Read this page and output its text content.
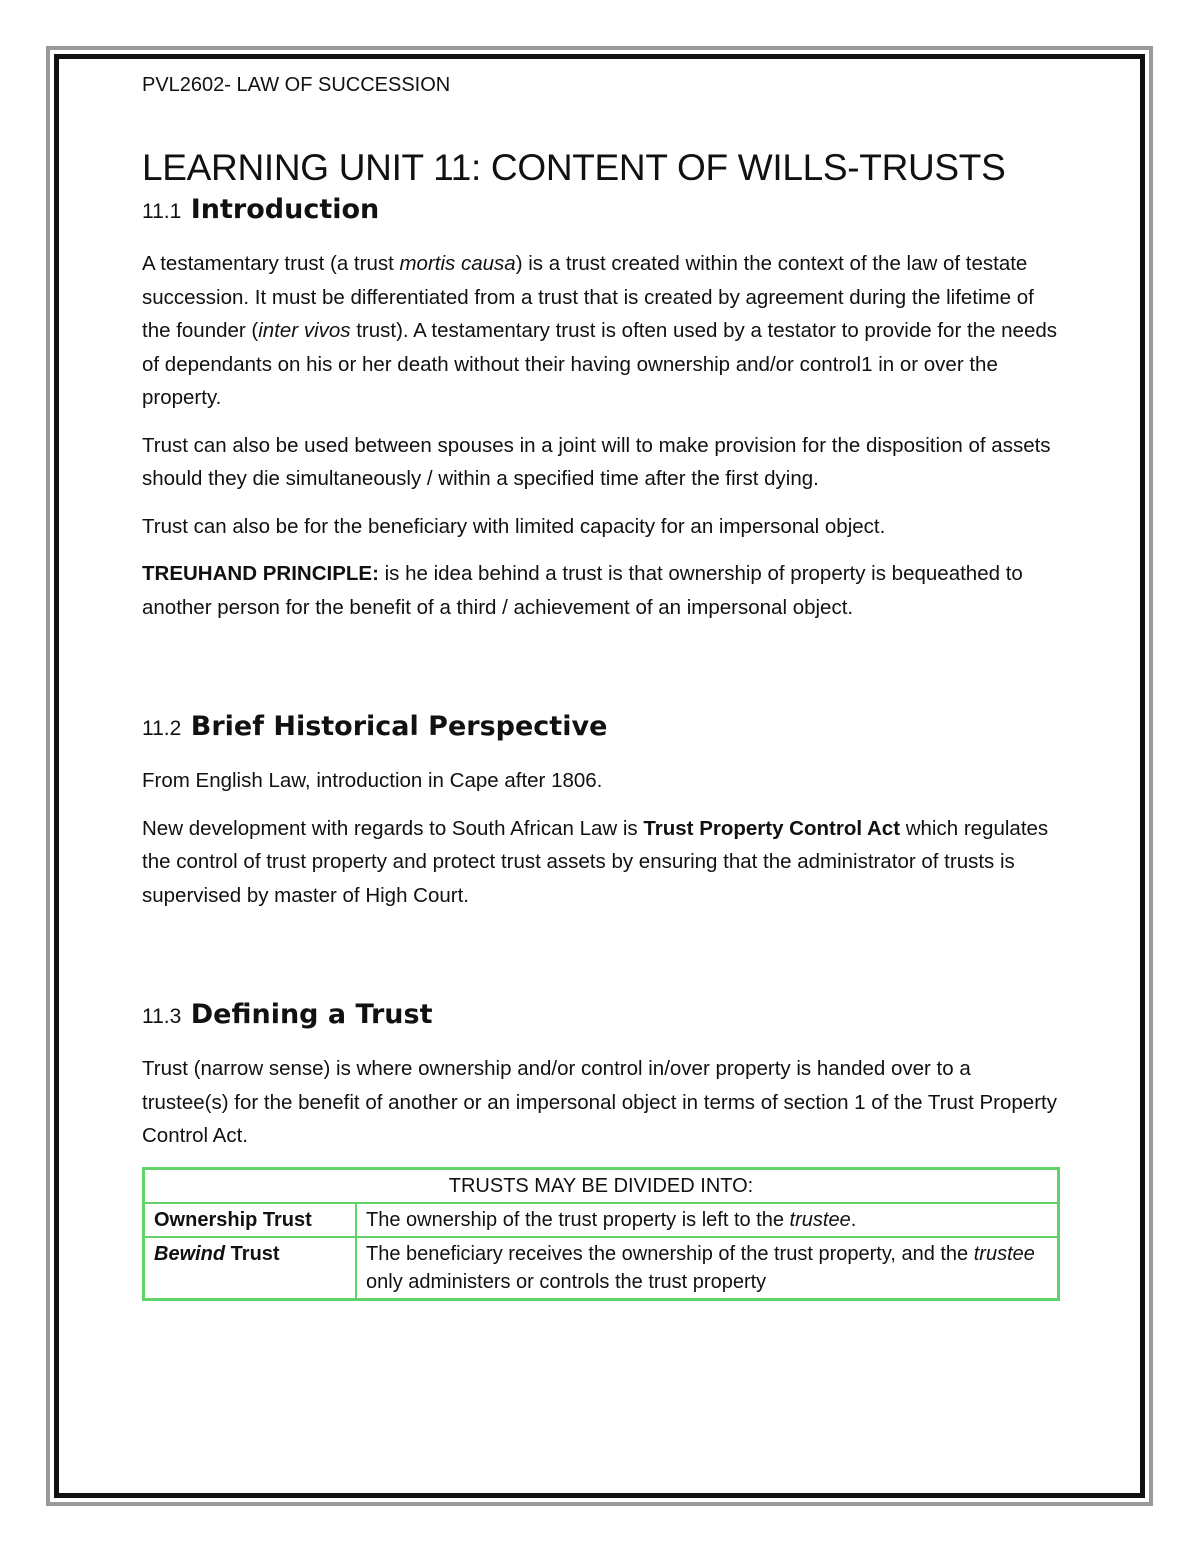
PVL2602- LAW OF SUCCESSION

LEARNING UNIT 11: CONTENT OF WILLS-TRUSTS
11.1 Introduction

A testamentary trust (a trust mortis causa) is a trust created within the context of the law of testate succession. It must be differentiated from a trust that is created by agreement during the lifetime of the founder (inter vivos trust). A testamentary trust is often used by a testator to provide for the needs of dependants on his or her death without their having ownership and/or control1 in or over the property.

Trust can also be used between spouses in a joint will to make provision for the disposition of assets should they die simultaneously / within a specified time after the first dying.

Trust can also be for the beneficiary with limited capacity for an impersonal object.

TREUHAND PRINCIPLE: is he idea behind a trust is that ownership of property is bequeathed to another person for the benefit of a third / achievement of an impersonal object.

11.2 Brief Historical Perspective

From English Law, introduction in Cape after 1806.

New development with regards to South African Law is Trust Property Control Act which regulates the control of trust property and protect trust assets by ensuring that the administrator of trusts is supervised by master of High Court.

11.3 Defining a Trust

Trust (narrow sense) is where ownership and/or control in/over property is handed over to a trustee(s) for the benefit of another or an impersonal object in terms of section 1 of the Trust Property Control Act.

TRUSTS MAY BE DIVIDED INTO:	
Ownership Trust	The ownership of the trust property is left to the trustee.
Bewind Trust	The beneficiary receives the ownership of the trust property, and the trustee only administers or controls the trust property
